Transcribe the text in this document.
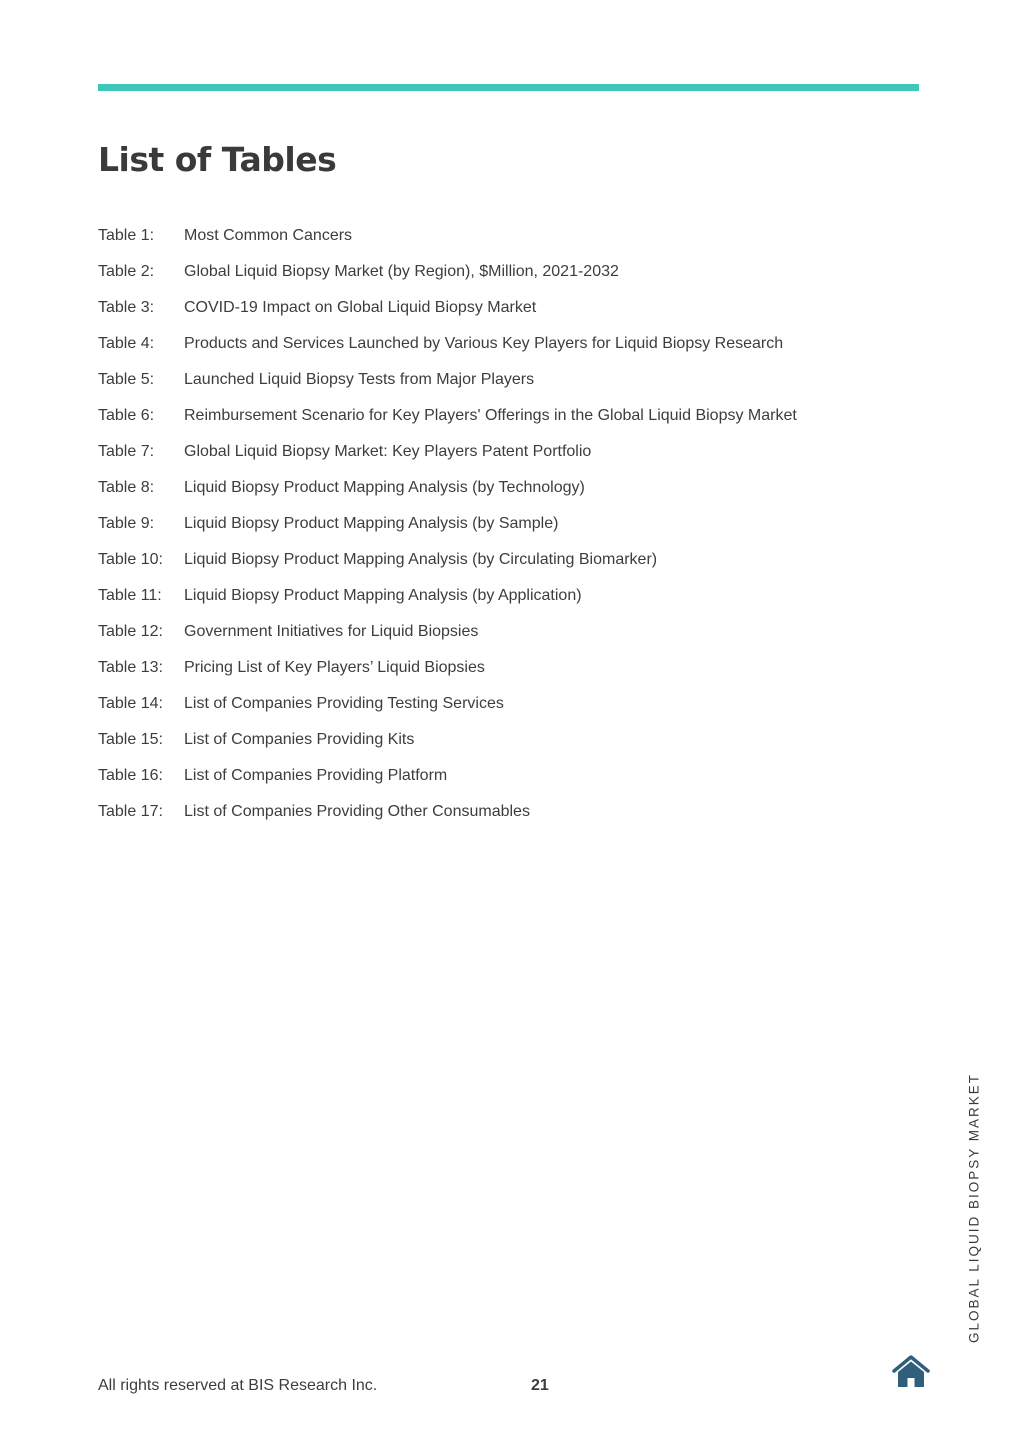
List of Tables
Table 1:	Most Common Cancers
Table 2:	Global Liquid Biopsy Market (by Region), $Million, 2021-2032
Table 3:	COVID-19 Impact on Global Liquid Biopsy Market
Table 4:	Products and Services Launched by Various Key Players for Liquid Biopsy Research
Table 5:	Launched Liquid Biopsy Tests from Major Players
Table 6:	Reimbursement Scenario for Key Players' Offerings in the Global Liquid Biopsy Market
Table 7:	Global Liquid Biopsy Market: Key Players Patent Portfolio
Table 8:	Liquid Biopsy Product Mapping Analysis (by Technology)
Table 9:	Liquid Biopsy Product Mapping Analysis (by Sample)
Table 10:	Liquid Biopsy Product Mapping Analysis (by Circulating Biomarker)
Table 11:	Liquid Biopsy Product Mapping Analysis (by Application)
Table 12:	Government Initiatives for Liquid Biopsies
Table 13:	Pricing List of Key Players’ Liquid Biopsies
Table 14:	List of Companies Providing Testing Services
Table 15:	List of Companies Providing Kits
Table 16:	List of Companies Providing Platform
Table 17:	List of Companies Providing Other Consumables
GLOBAL LIQUID BIOPSY MARKET
All rights reserved at BIS Research Inc.	21
